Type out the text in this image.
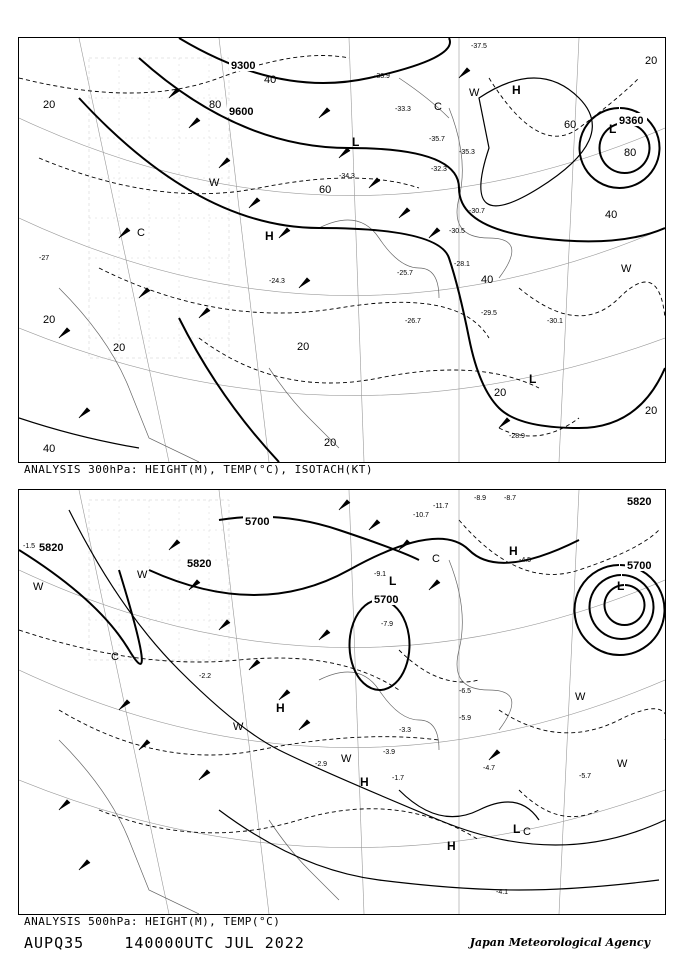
9300
9600
9360
20
40
60
80
20
20
40
20
20
40
20
40
20
20
60
80
H
L
H
L
L
W
C
W
C
W
-33.3
-35.7
-32.3
-30.5
-28.1
-29.5
-30.1
-25.7
-26.7
-24.3
-28.9
-37.5
-34.3
-27
-30.7
-33.9
-35.3
ANALYSIS 300hPa: HEIGHT(M), TEMP(°C), ISOTACH(KT)
5820
5700
5820
5700
5820
5700
H
L
H
H
L
H
L
W
C
W
C
W
W
W
C
W
-9.1
-7.9
-4.5
-5.9
-6.5
-4.7
-5.7
-4.1
-2.2
-3.9
-1.7
-2.9
-3.3
-1.5
-8.9	-8.7
-10.7
-11.7
ANALYSIS 500hPa: HEIGHT(M), TEMP(°C)
AUPQ35	140000UTC JUL 2022	Japan Meteorological Agency
